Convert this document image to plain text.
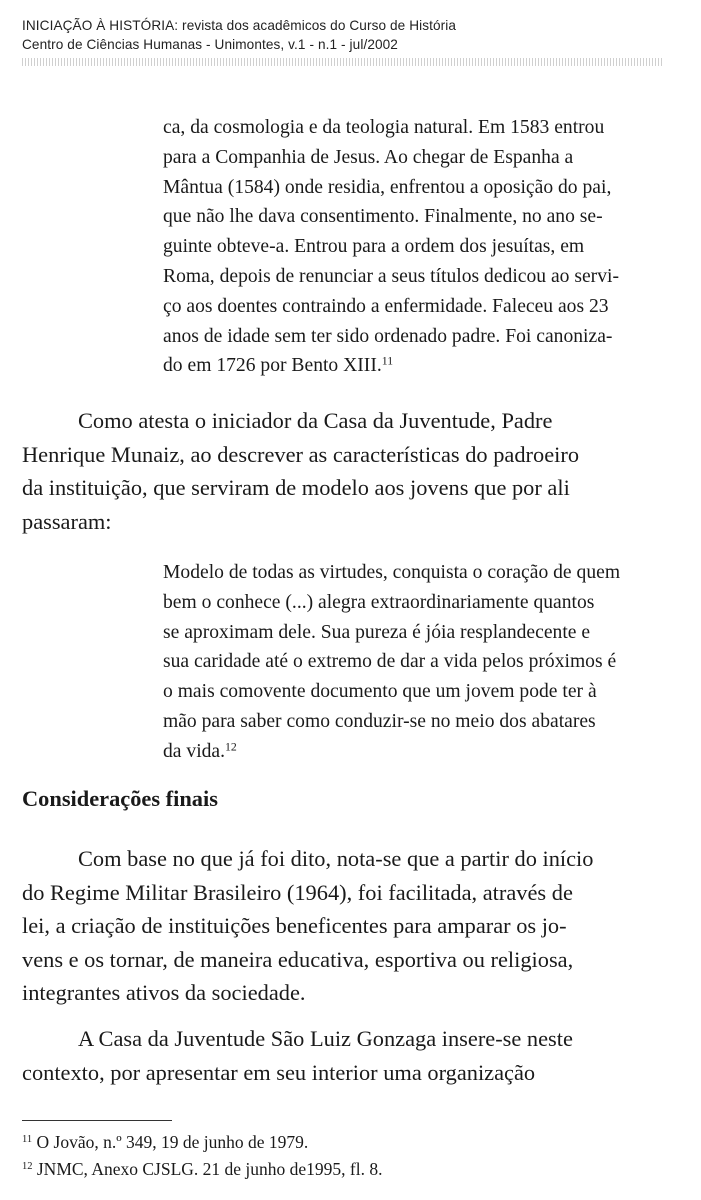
INICIAÇÃO À HISTÓRIA: revista dos acadêmicos do Curso de História
Centro de Ciências Humanas - Unimontes, v.1 - n.1 - jul/2002
ca, da cosmologia e da teologia natural. Em 1583 entrou
para a Companhia de Jesus. Ao chegar de Espanha a
Mântua (1584) onde residia, enfrentou a oposição do pai,
que não lhe dava consentimento. Finalmente, no ano se-
guinte obteve-a. Entrou para a ordem dos jesuítas, em
Roma, depois de renunciar a seus títulos dedicou ao servi-
ço aos doentes contraindo a enfermidade. Faleceu aos 23
anos de idade sem ter sido ordenado padre. Foi canoniza-
do em 1726 por Bento XIII.$^{11}$
Como atesta o iniciador da Casa da Juventude, Padre
Henrique Munaiz, ao descrever as características do padroeiro
da instituição, que serviram de modelo aos jovens que por ali
passaram:
Modelo de todas as virtudes, conquista o coração de quem
bem o conhece (...) alegra extraordinariamente quantos
se aproximam dele. Sua pureza é jóia resplandecente e
sua caridade até o extremo de dar a vida pelos próximos é
o mais comovente documento que um jovem pode ter à
mão para saber como conduzir-se no meio dos abatares
da vida.$^{12}$
Considerações finais
Com base no que já foi dito, nota-se que a partir do início
do Regime Militar Brasileiro (1964), foi facilitada, através de
lei, a criação de instituições beneficentes para amparar os jo-
vens e os tornar, de maneira educativa, esportiva ou religiosa,
integrantes ativos da sociedade.
A Casa da Juventude São Luiz Gonzaga insere-se neste
contexto, por apresentar em seu interior uma organização
$^{11}$ O Jovão, n.º 349, 19 de junho de 1979.
$^{12}$ JNMC, Anexo CJSLG. 21 de junho de1995, fl. 8.
